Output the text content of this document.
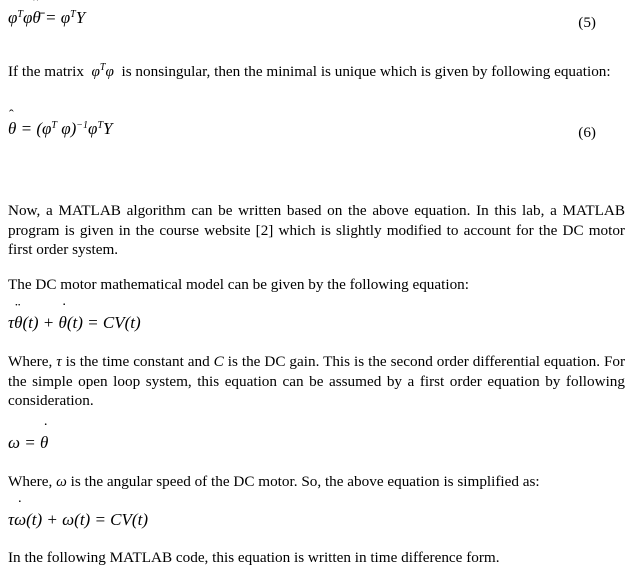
$\varphi^T\varphi ˆ$ θ̄ = $\varphi^TY$	(5)

If the matrix  $\varphi^T\varphi$  is nonsingular, then the minimal is unique which is given by following equation:

ˆ $\theta = (\varphi^T$ $\varphi)^{-1}\varphi^TY$	(6)

Now, a MATLAB algorithm can be written based on the above equation. In this lab, a MATLAB program is given in the course website [2] which is slightly modified to account for the DC motor first order system.

The DC motor mathematical model can be given by the following equation:

τ¨ θ(t) + ˙ θ(t) = CV(t)

Where, τ is the time constant and C is the DC gain. This is the second order differential equation. For the simple open loop system, this equation can be assumed by a first order equation by following consideration.

ω = ˙ θ

Where, ω is the angular speed of the DC motor. So, the above equation is simplified as:

τ˙ ω(t) + ω(t) = CV(t)

In the following MATLAB code, this equation is written in time difference form.
